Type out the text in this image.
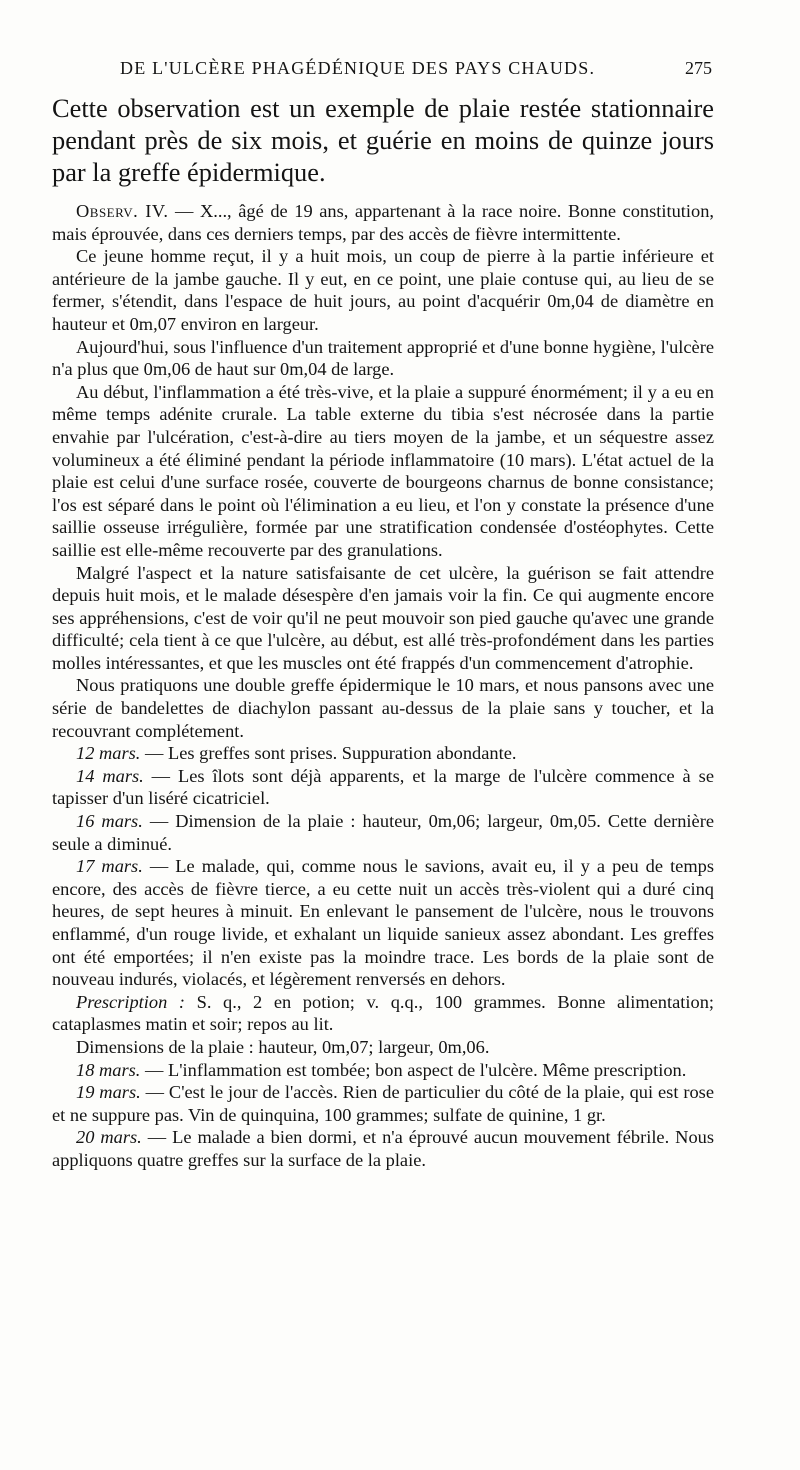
DE L'ULCÈRE PHAGÉDÉNIQUE DES PAYS CHAUDS.	275
Cette observation est un exemple de plaie restée stationnaire pendant près de six mois, et guérie en moins de quinze jours par la greffe épidermique.

Observ. IV. — X..., âgé de 19 ans, appartenant à la race noire. Bonne constitution, mais éprouvée, dans ces derniers temps, par des accès de fièvre intermittente.

Ce jeune homme reçut, il y a huit mois, un coup de pierre à la partie inférieure et antérieure de la jambe gauche. Il y eut, en ce point, une plaie contuse qui, au lieu de se fermer, s'étendit, dans l'espace de huit jours, au point d'acquérir 0m,04 de diamètre en hauteur et 0m,07 environ en largeur.

Aujourd'hui, sous l'influence d'un traitement approprié et d'une bonne hygiène, l'ulcère n'a plus que 0m,06 de haut sur 0m,04 de large.

Au début, l'inflammation a été très-vive, et la plaie a suppuré énormément; il y a eu en même temps adénite crurale. La table externe du tibia s'est nécrosée dans la partie envahie par l'ulcération, c'est-à-dire au tiers moyen de la jambe, et un séquestre assez volumineux a été éliminé pendant la période inflammatoire (10 mars). L'état actuel de la plaie est celui d'une surface rosée, couverte de bourgeons charnus de bonne consistance; l'os est séparé dans le point où l'élimination a eu lieu, et l'on y constate la présence d'une saillie osseuse irrégulière, formée par une stratification condensée d'ostéophytes. Cette saillie est elle-même recouverte par des granulations.

Malgré l'aspect et la nature satisfaisante de cet ulcère, la guérison se fait attendre depuis huit mois, et le malade désespère d'en jamais voir la fin. Ce qui augmente encore ses appréhensions, c'est de voir qu'il ne peut mouvoir son pied gauche qu'avec une grande difficulté; cela tient à ce que l'ulcère, au début, est allé très-profondément dans les parties molles intéressantes, et que les muscles ont été frappés d'un commencement d'atrophie.

Nous pratiquons une double greffe épidermique le 10 mars, et nous pansons avec une série de bandelettes de diachylon passant au-dessus de la plaie sans y toucher, et la recouvrant complétement.

12 mars. — Les greffes sont prises. Suppuration abondante.

14 mars. — Les îlots sont déjà apparents, et la marge de l'ulcère commence à se tapisser d'un liséré cicatriciel.

16 mars. — Dimension de la plaie : hauteur, 0m,06; largeur, 0m,05. Cette dernière seule a diminué.

17 mars. — Le malade, qui, comme nous le savions, avait eu, il y a peu de temps encore, des accès de fièvre tierce, a eu cette nuit un accès très-violent qui a duré cinq heures, de sept heures à minuit. En enlevant le pansement de l'ulcère, nous le trouvons enflammé, d'un rouge livide, et exhalant un liquide sanieux assez abondant. Les greffes ont été emportées; il n'en existe pas la moindre trace. Les bords de la plaie sont de nouveau indurés, violacés, et légèrement renversés en dehors.

Prescription : S. q., 2 en potion; v. q.q., 100 grammes. Bonne alimentation; cataplasmes matin et soir; repos au lit.

Dimensions de la plaie : hauteur, 0m,07; largeur, 0m,06.

18 mars. — L'inflammation est tombée; bon aspect de l'ulcère. Même prescription.

19 mars. — C'est le jour de l'accès. Rien de particulier du côté de la plaie, qui est rose et ne suppure pas. Vin de quinquina, 100 grammes; sulfate de quinine, 1 gr.

20 mars. — Le malade a bien dormi, et n'a éprouvé aucun mouvement fébrile. Nous appliquons quatre greffes sur la surface de la plaie.
